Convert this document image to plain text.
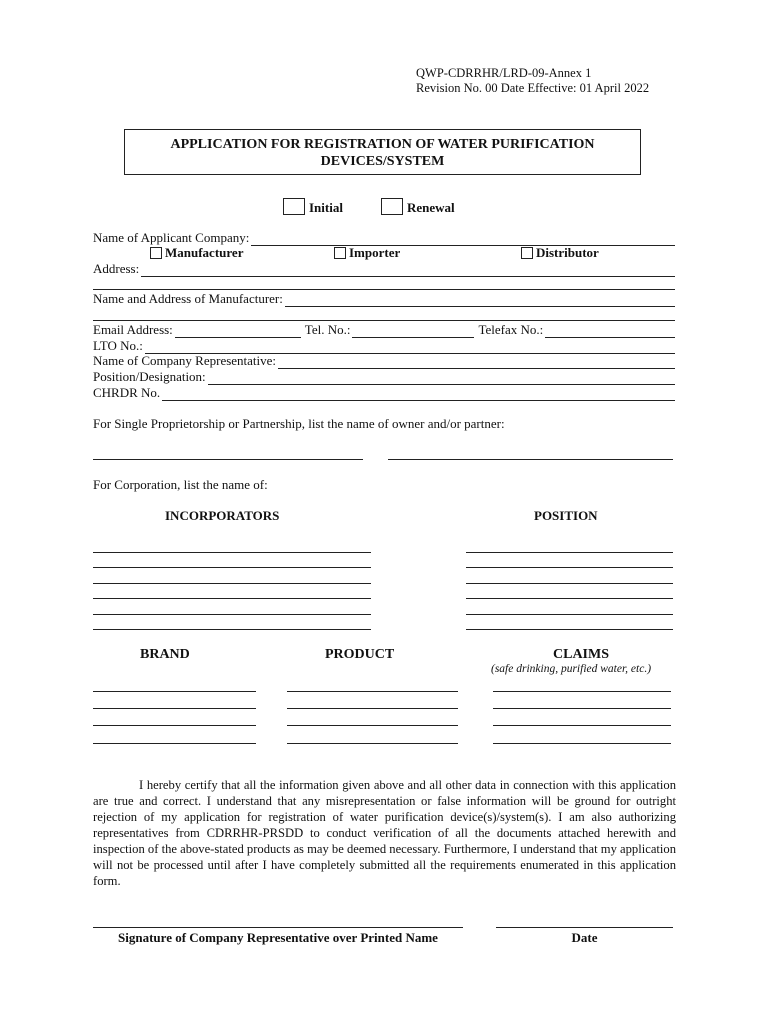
QWP-CDRRHR/LRD-09-Annex 1
Revision No. 00 Date Effective: 01 April 2022
APPLICATION FOR REGISTRATION OF WATER PURIFICATION
DEVICES/SYSTEM
Initial	Renewal
Name of Applicant Company:
Manufacturer	Importer	Distributor
Address:
Name and Address of Manufacturer:
Email Address:	Tel. No.:	Telefax No.:
LTO No.:
Name of Company Representative:
Position/Designation:
CHRDR No.
For Single Proprietorship or Partnership, list the name of owner and/or partner:
For Corporation, list the name of:
INCORPORATORS	POSITION
BRAND	PRODUCT	CLAIMS
(safe drinking, purified water, etc.)

I hereby certify that all the information given above and all other data in connection with this application are true and correct. I understand that any misrepresentation or false information will be ground for outright rejection of my application for registration of water purification device(s)/system(s). I am also authorizing representatives from CDRRHR-PRSDD to conduct verification of all the documents attached herewith and inspection of the above-stated products as may be deemed necessary. Furthermore, I understand that my application will not be processed until after I have completely submitted all the requirements enumerated in this application form.

Signature of Company Representative over Printed Name	Date
